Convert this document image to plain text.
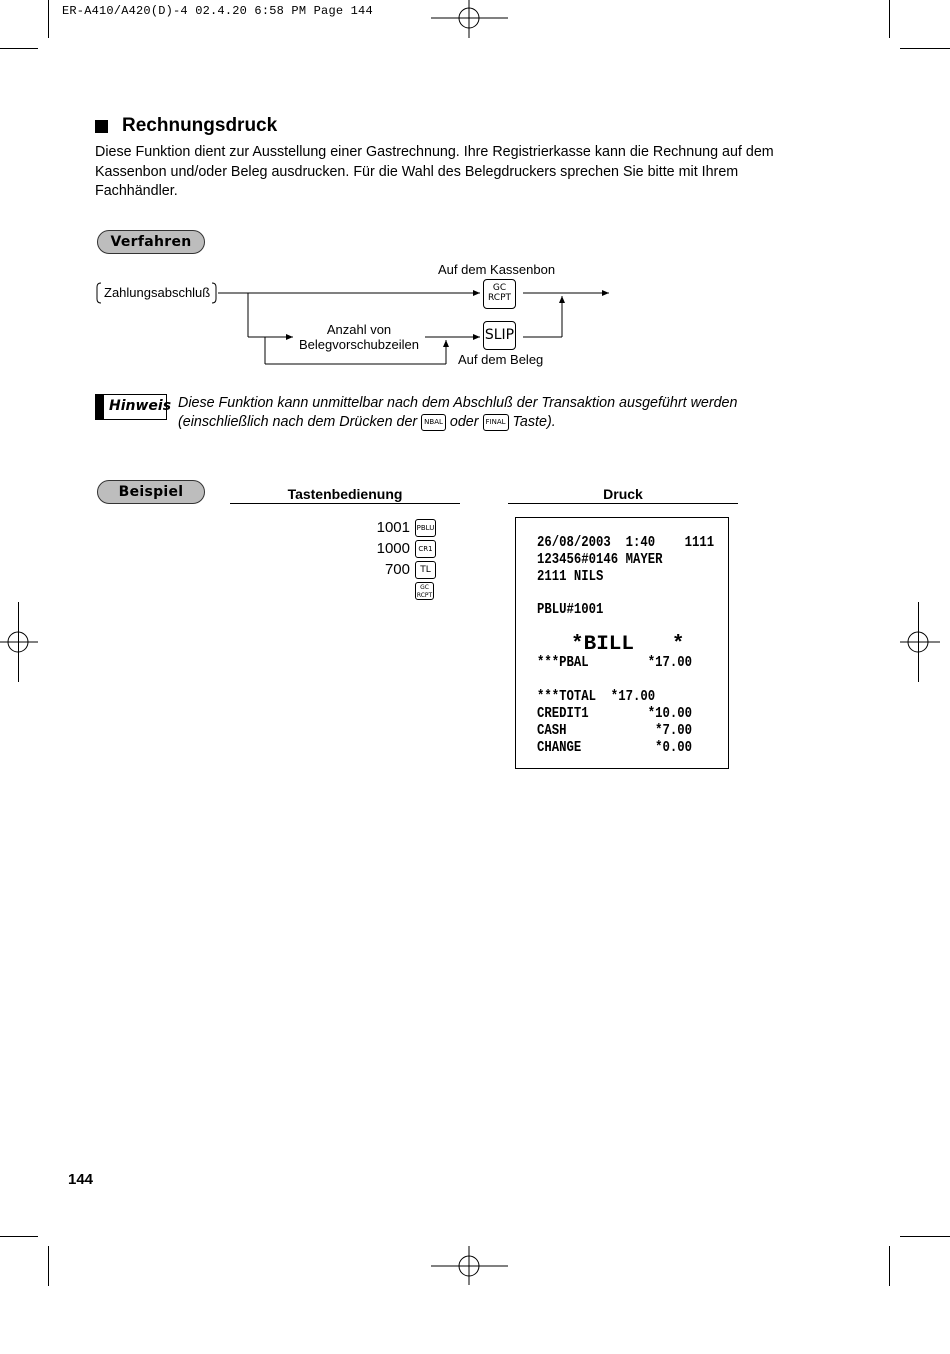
ER-A410/A420(D)-4 02.4.20 6:58 PM Page 144
Rechnungsdruck
Diese Funktion dient zur Ausstellung einer Gastrechnung. Ihre Registrierkasse kann die Rechnung auf dem Kassenbon und/oder Beleg ausdrucken. Für die Wahl des Belegdruckers sprechen Sie bitte mit Ihrem Fachhändler.
Verfahren
Zahlungsabschluß
Auf dem Kassenbon
GC
RCPT
Anzahl von
Belegvorschubzeilen
SLIP
Auf dem Beleg
Hinweis Diese Funktion kann unmittelbar nach dem Abschluß der Transaktion ausgeführt werden (einschließlich nach dem Drücken der NBAL oder FINAL Taste).
Beispiel	Tastenbedienung	Druck
1001 PBLU
1000	CR1
700	TL
GC RCPT
26/08/2003  1:40    1111
123456#0146 MAYER
2111 NILS
PBLU#1001
*BILL   *
***PBAL        *17.00
***TOTAL  *17.00
CREDIT1        *10.00
CASH            *7.00
CHANGE          *0.00
144
